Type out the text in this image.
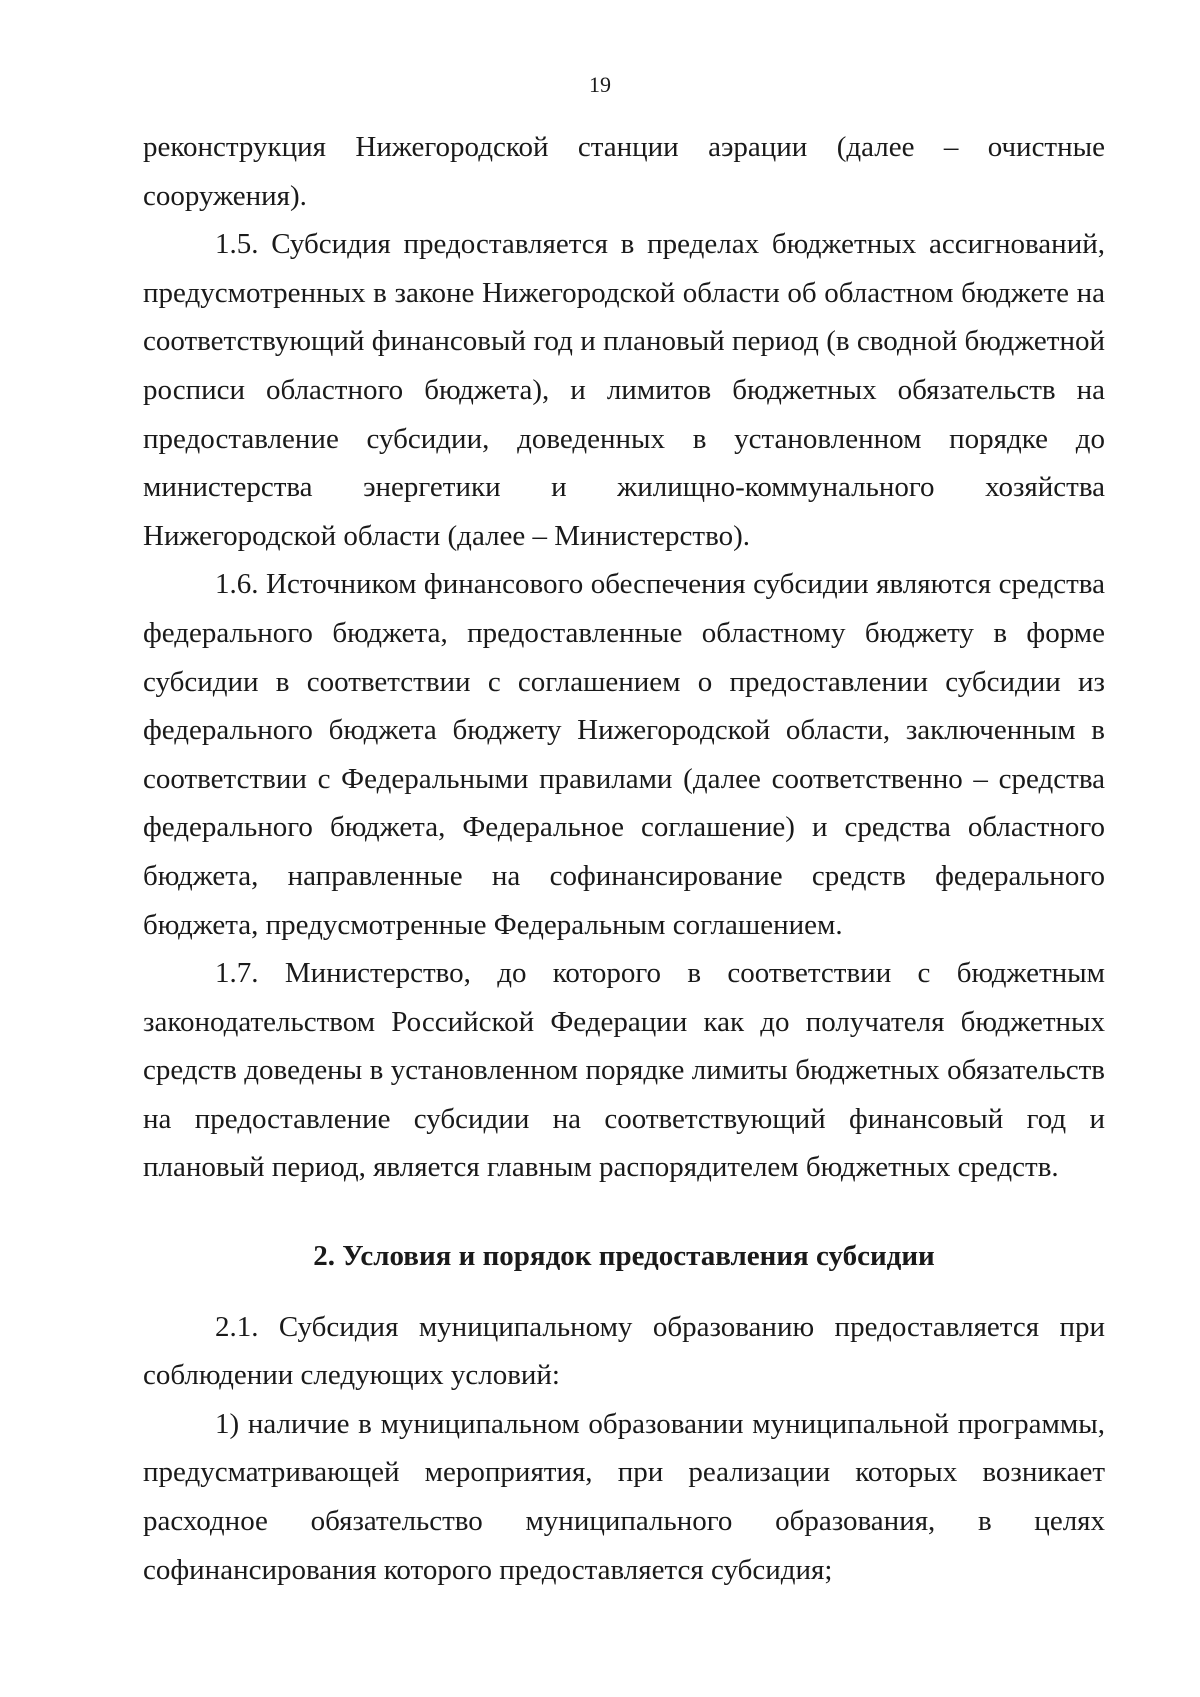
19

реконструкция Нижегородской станции аэрации (далее – очистные сооружения).

1.5. Субсидия предоставляется в пределах бюджетных ассигнований, предусмотренных в законе Нижегородской области об областном бюджете на соответствующий финансовый год и плановый период (в сводной бюджетной росписи областного бюджета), и лимитов бюджетных обязательств на предоставление субсидии, доведенных в установленном порядке до министерства энергетики и жилищно-коммунального хозяйства Нижегородской области (далее – Министерство).

1.6. Источником финансового обеспечения субсидии являются средства федерального бюджета, предоставленные областному бюджету в форме субсидии в соответствии с соглашением о предоставлении субсидии из федерального бюджета бюджету Нижегородской области, заключенным в соответствии с Федеральными правилами (далее соответственно – средства федерального бюджета, Федеральное соглашение) и средства областного бюджета, направленные на софинансирование средств федерального бюджета, предусмотренные Федеральным соглашением.

1.7. Министерство, до которого в соответствии с бюджетным законодательством Российской Федерации как до получателя бюджетных средств доведены в установленном порядке лимиты бюджетных обязательств на предоставление субсидии на соответствующий финансовый год и плановый период, является главным распорядителем бюджетных средств.

2. Условия и порядок предоставления субсидии

2.1. Субсидия муниципальному образованию предоставляется при соблюдении следующих условий:

1) наличие в муниципальном образовании муниципальной программы, предусматривающей мероприятия, при реализации которых возникает расходное обязательство муниципального образования, в целях софинансирования которого предоставляется субсидия;
